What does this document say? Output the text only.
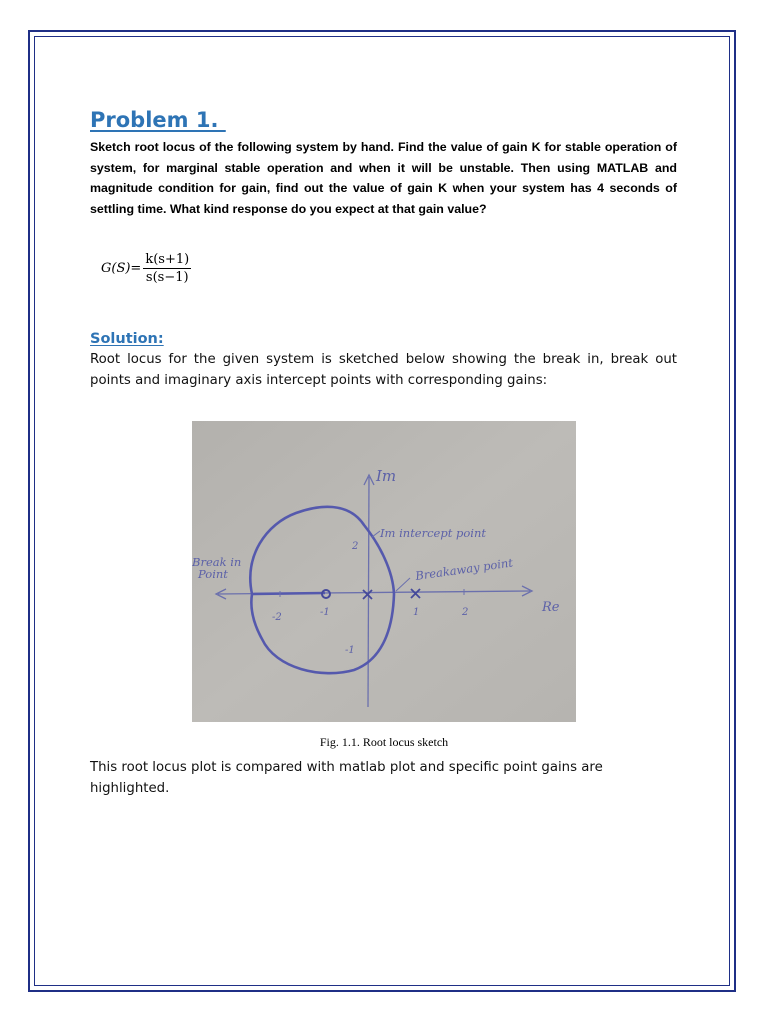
Problem 1.

Sketch root locus of the following system by hand. Find the value of gain K for stable operation of system, for marginal stable operation and when it will be unstable. Then using MATLAB and magnitude condition for gain, find out the value of gain K when your system has 4 seconds of settling time. What kind response do you expect at that gain value?

$G(S)= \frac{k(s+1)}{s(s-1)}$
Solution:

Root locus for the given system is sketched below showing the break in, break out points and imaginary axis intercept points with corresponding gains:

-2	-1	1	2
2
-1
Im
Re
Im intercept point
Breakaway point
Break in
Point
Fig. 1.1. Root locus sketch

This root locus plot is compared with matlab plot and specific point gains are highlighted.
